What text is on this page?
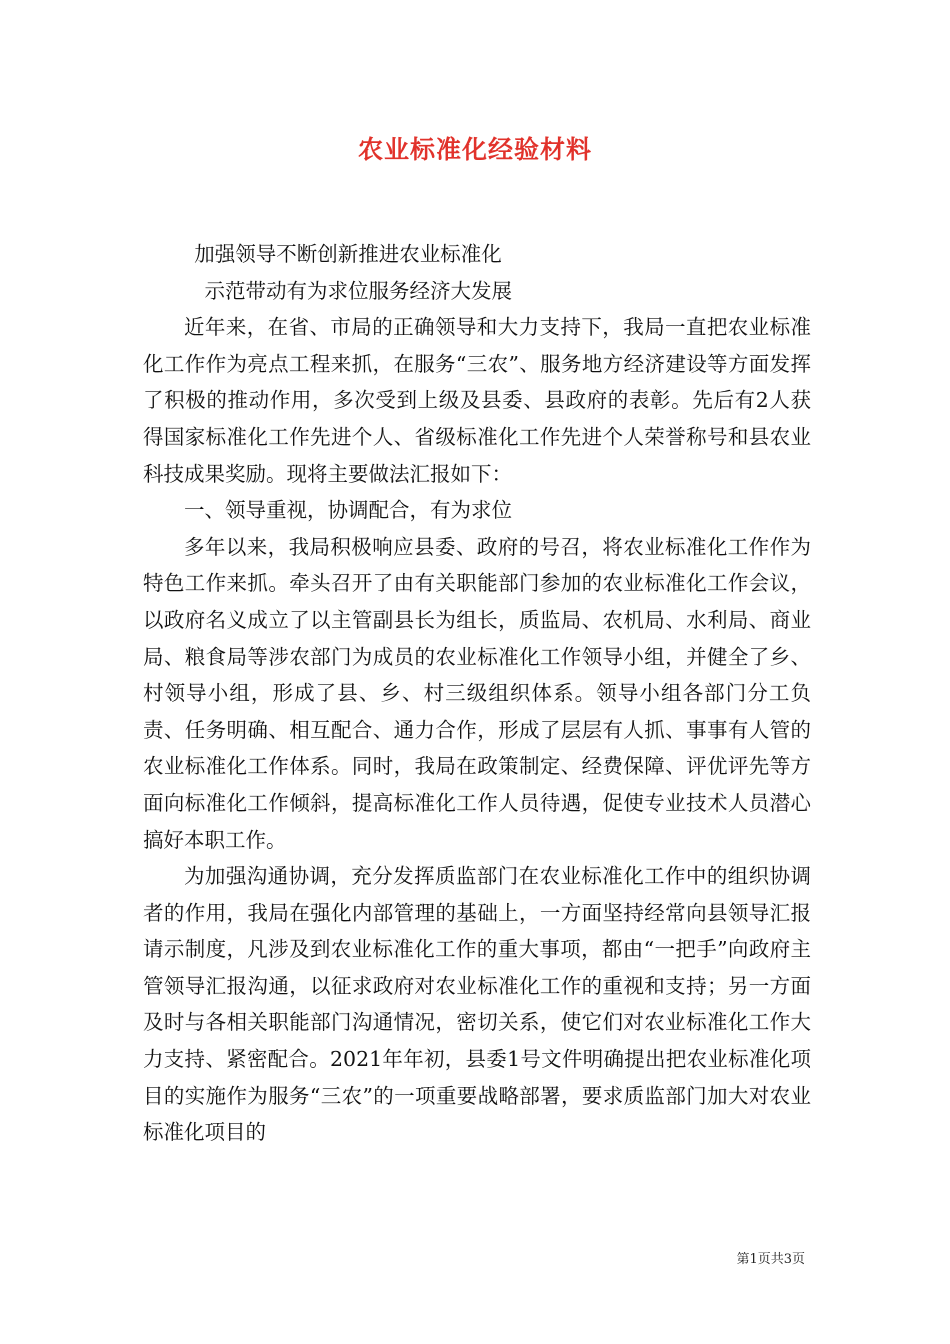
农业标准化经验材料

加强领导不断创新推进农业标准化

示范带动有为求位服务经济大发展

近年来，在省、市局的正确领导和大力支持下，我局一直把农业标准化工作作为亮点工程来抓，在服务“三农”、服务地方经济建设等方面发挥了积极的推动作用，多次受到上级及县委、县政府的表彰。先后有2人获得国家标准化工作先进个人、省级标准化工作先进个人荣誉称号和县农业科技成果奖励。现将主要做法汇报如下：

一、领导重视，协调配合，有为求位

多年以来，我局积极响应县委、政府的号召，将农业标准化工作作为特色工作来抓。牵头召开了由有关职能部门参加的农业标准化工作会议，以政府名义成立了以主管副县长为组长，质监局、农机局、水利局、商业局、粮食局等涉农部门为成员的农业标准化工作领导小组，并健全了乡、村领导小组，形成了县、乡、村三级组织体系。领导小组各部门分工负责、任务明确、相互配合、通力合作，形成了层层有人抓、事事有人管的农业标准化工作体系。同时，我局在政策制定、经费保障、评优评先等方面向标准化工作倾斜，提高标准化工作人员待遇，促使专业技术人员潜心搞好本职工作。

为加强沟通协调，充分发挥质监部门在农业标准化工作中的组织协调者的作用，我局在强化内部管理的基础上，一方面坚持经常向县领导汇报请示制度，凡涉及到农业标准化工作的重大事项，都由“一把手”向政府主管领导汇报沟通，以征求政府对农业标准化工作的重视和支持；另一方面及时与各相关职能部门沟通情况，密切关系，使它们对农业标准化工作大力支持、紧密配合。2021年年初，县委1号文件明确提出把农业标准化项目的实施作为服务“三农”的一项重要战略部署，要求质监部门加大对农业标准化项目的

第1页共3页
